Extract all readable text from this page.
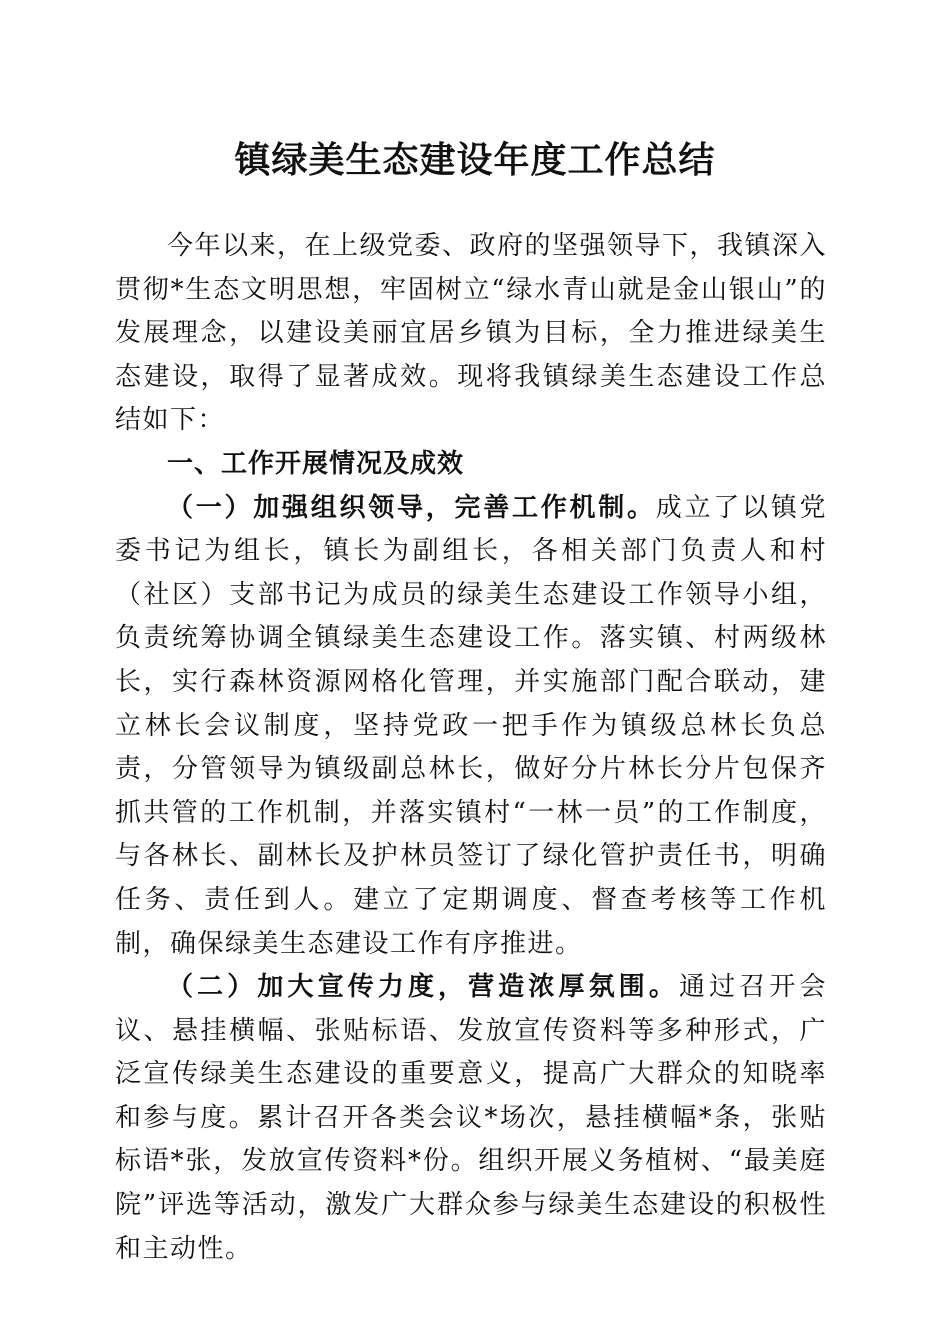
镇绿美生态建设年度工作总结

今年以来，在上级党委、政府的坚强领导下，我镇深入贯彻*生态文明思想，牢固树立“绿水青山就是金山银山”的发展理念，以建设美丽宜居乡镇为目标，全力推进绿美生态建设，取得了显著成效。现将我镇绿美生态建设工作总结如下：

一、工作开展情况及成效

（一）加强组织领导，完善工作机制。成立了以镇党委书记为组长，镇长为副组长，各相关部门负责人和村（社区）支部书记为成员的绿美生态建设工作领导小组，负责统筹协调全镇绿美生态建设工作。落实镇、村两级林长，实行森林资源网格化管理，并实施部门配合联动，建立林长会议制度，坚持党政一把手作为镇级总林长负总责，分管领导为镇级副总林长，做好分片林长分片包保齐抓共管的工作机制，并落实镇村“一林一员”的工作制度，与各林长、副林长及护林员签订了绿化管护责任书，明确任务、责任到人。建立了定期调度、督查考核等工作机制，确保绿美生态建设工作有序推进。

（二）加大宣传力度，营造浓厚氛围。通过召开会议、悬挂横幅、张贴标语、发放宣传资料等多种形式，广泛宣传绿美生态建设的重要意义，提高广大群众的知晓率和参与度。累计召开各类会议*场次，悬挂横幅*条，张贴标语*张，发放宣传资料*份。组织开展义务植树、“最美庭院”评选等活动，激发广大群众参与绿美生态建设的积极性和主动性。
